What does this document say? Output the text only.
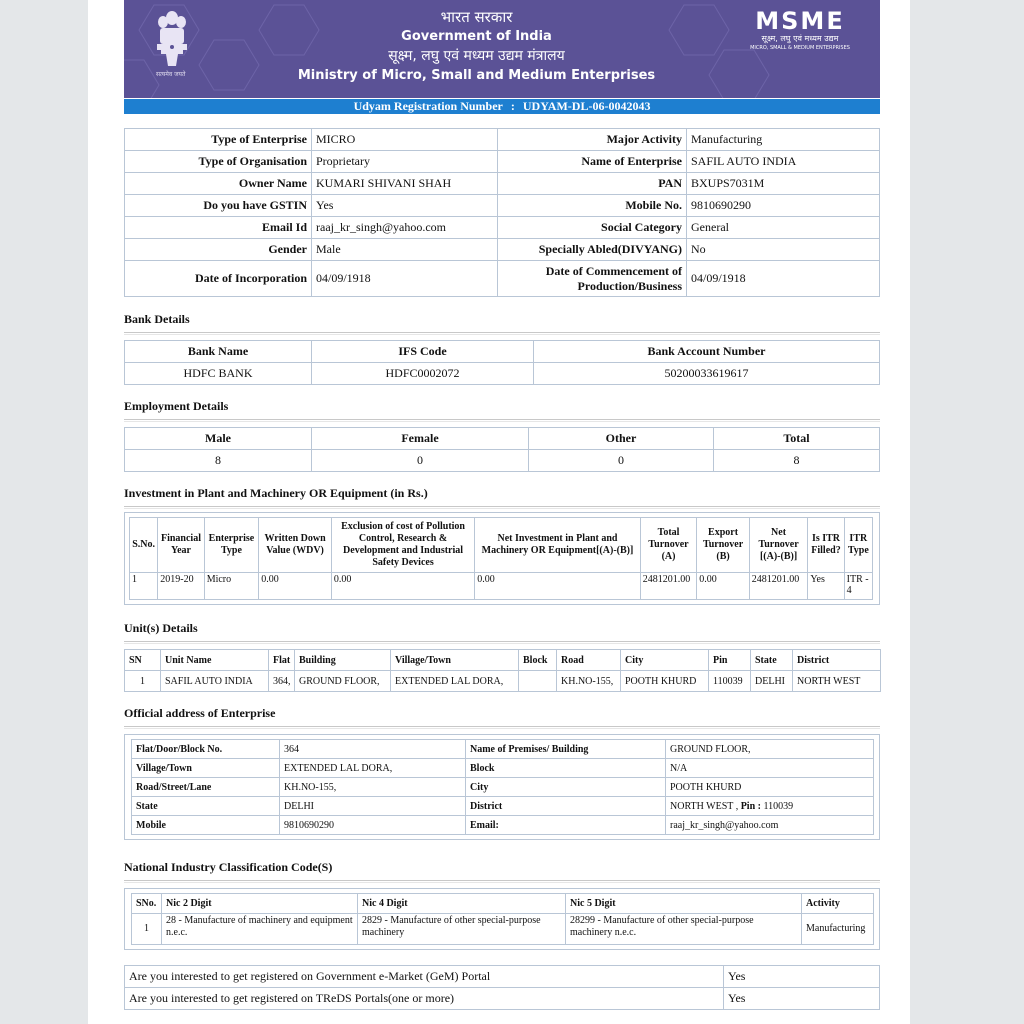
सत्यमेव जयते
भारत सरकार
Government of India
सूक्ष्म, लघु एवं मध्यम उद्यम मंत्रालय
Ministry of Micro, Small and Medium Enterprises
MSME
सूक्ष्म, लघु एवं मध्यम उद्यम
MICRO, SMALL & MEDIUM ENTERPRISES
Udyam Registration Number : UDYAM-DL-06-0042043
Type of Enterprise	MICRO	Major Activity	Manufacturing
Type of Organisation	Proprietary	Name of Enterprise	SAFIL AUTO INDIA
Owner Name	KUMARI SHIVANI SHAH	PAN	BXUPS7031M
Do you have GSTIN	Yes	Mobile No.	9810690290
Email Id	raaj_kr_singh@yahoo.com	Social Category	General
Gender	Male	Specially Abled(DIVYANG)	No
Date of Incorporation	04/09/1918	Date of Commencement of
Production/Business	04/09/1918
Bank Details
Bank Name	IFS Code	Bank Account Number
HDFC BANK	HDFC0002072	50200033619617
Employment Details
Male	Female	Other	Total
8	0	0	8
Investment in Plant and Machinery OR Equipment (in Rs.)
S.No.	Financial Year	Enterprise Type	Written Down Value (WDV)	Exclusion of cost of Pollution Control, Research & Development and Industrial Safety Devices	Net Investment in Plant and Machinery OR Equipment[(A)-(B)]	Total Turnover (A)	Export Turnover (B)	Net Turnover [(A)-(B)]	Is ITR Filled?	ITR Type
1	2019-20	Micro	0.00	0.00	0.00	2481201.00	0.00	2481201.00	Yes	ITR - 4
Unit(s) Details
SN	Unit Name	Flat	Building	Village/Town	Block	Road	City	Pin	State	District
1	SAFIL AUTO INDIA	364,	GROUND FLOOR,	EXTENDED LAL DORA,		KH.NO-155,	POOTH KHURD	110039	DELHI	NORTH WEST
Official address of Enterprise
Flat/Door/Block No.	364	Name of Premises/ Building	GROUND FLOOR,
Village/Town	EXTENDED LAL DORA,	Block	N/A
Road/Street/Lane	KH.NO-155,	City	POOTH KHURD
State	DELHI	District	NORTH WEST , Pin : 110039
Mobile	9810690290	Email:	raaj_kr_singh@yahoo.com
National Industry Classification Code(S)
SNo.	Nic 2 Digit	Nic 4 Digit	Nic 5 Digit	Activity
1	28 - Manufacture of machinery and equipment n.e.c.	2829 - Manufacture of other special-purpose machinery	28299 - Manufacture of other special-purpose machinery n.e.c.	Manufacturing
Are you interested to get registered on Government e-Market (GeM) Portal	Yes
Are you interested to get registered on TReDS Portals(one or more)	Yes
